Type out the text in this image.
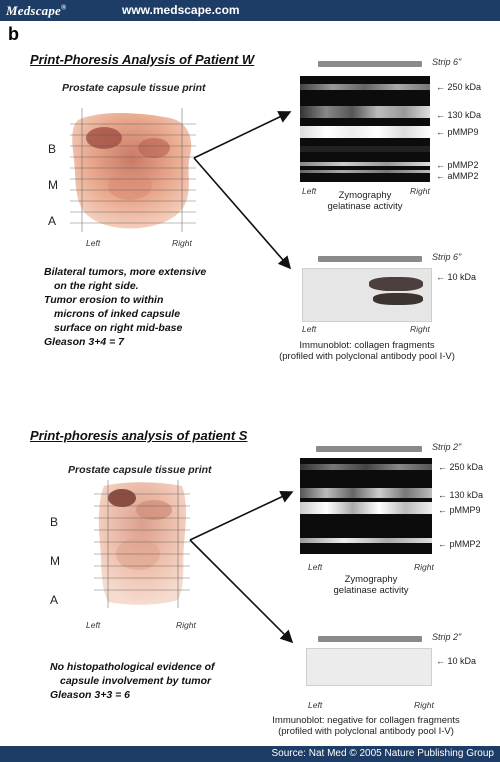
Medscape®	www.medscape.com
b
Print-Phoresis Analysis of Patient W
Prostate capsule tissue print
B
M
A
Left	Right
Bilateral tumors, more extensive
on the right side.
Tumor erosion to within
microns of inked capsule
surface on right mid-base
Gleason 3+4 = 7
Strip 6"
← 250 kDa
← 130 kDa
← pMMP9
← pMMP2
← aMMP2
Left	Right
Zymography
gelatinase activity
Strip 6"
← 10 kDa
Left	Right
Immunoblot: collagen fragments
(profiled with polyclonal antibody pool I-V)
Print-phoresis analysis of patient S
Prostate capsule tissue print
B
M
A
Left	Right
No histopathological evidence of
capsule involvement by tumor
Gleason 3+3 = 6
Strip 2"
← 250 kDa
← 130 kDa
← pMMP9
← pMMP2
Left	Right
Zymography
gelatinase activity
Strip 2"
← 10 kDa
Left	Right
Immunoblot: negative for collagen fragments
(profiled with polyclonal antibody pool I-V)
Source: Nat Med © 2005 Nature Publishing Group
